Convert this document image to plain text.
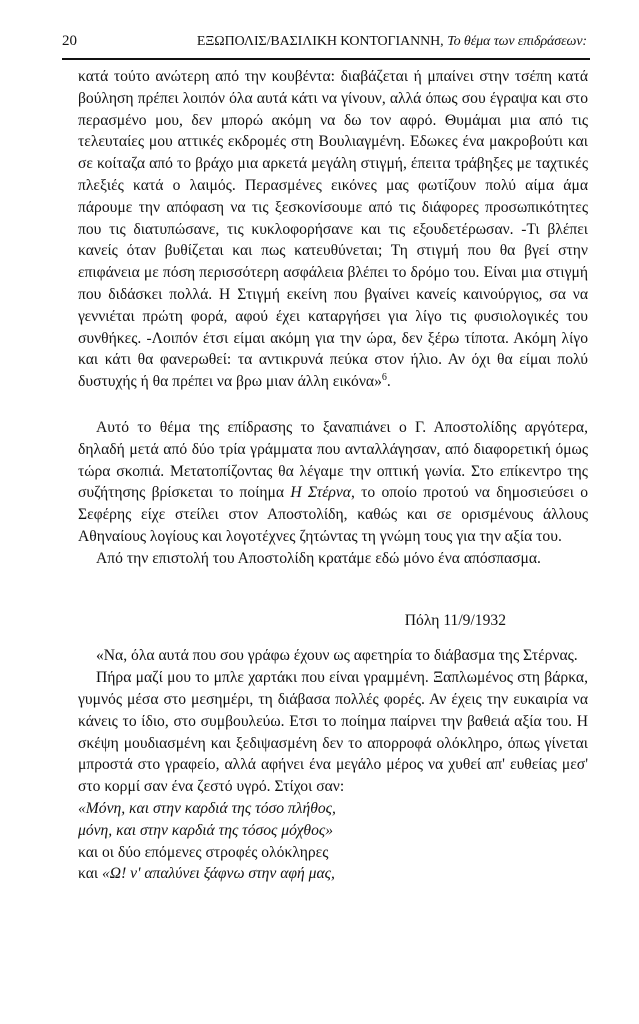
20	ΕΞΩΠΟΛΙΣ/ΒΑΣΙΛΙΚΗ ΚΟΝΤΟΓΙΑΝΝΗ, Το θέμα των επιδράσεων:

κατά τούτο ανώτερη από την κουβέντα: διαβάζεται ή μπαίνει στην τσέπη κατά βούληση πρέπει λοιπόν όλα αυτά κάτι να γίνουν, αλλά όπως σου έγραψα και στο περασμένο μου, δεν μπορώ ακόμη να δω τον αφρό. Θυμάμαι μια από τις τελευταίες μου αττικές εκδρομές στη Βουλιαγμένη. Εδωκες ένα μακροβούτι και σε κοίταζα από το βράχο μια αρκετά μεγάλη στιγμή, έπειτα τράβηξες με ταχτικές πλεξιές κατά ο λαιμός. Περασμένες εικόνες μας φωτίζουν πολύ αίμα άμα πάρουμε την απόφαση να τις ξεσκονίσουμε από τις διάφορες προσωπικότητες που τις διατυπώσανε, τις κυκλοφορήσανε και τις εξουδετέρωσαν. -Τι βλέπει κανείς όταν βυθίζεται και πως κατευθύνεται; Τη στιγμή που θα βγεί στην επιφάνεια με πόση περισσότερη ασφάλεια βλέπει το δρόμο του. Είναι μια στιγμή που διδάσκει πολλά. Η Στιγμή εκείνη που βγαίνει κανείς καινούργιος, σα να γεννιέται πρώτη φορά, αφού έχει καταργήσει για λίγο τις φυσιολογικές του συνθήκες. -Λοιπόν έτσι είμαι ακόμη για την ώρα, δεν ξέρω τίποτα. Ακόμη λίγο και κάτι θα φανερωθεί: τα αντικρυνά πεύκα στον ήλιο. Αν όχι θα είμαι πολύ δυστυχής ή θα πρέπει να βρω μιαν άλλη εικόνα»$^6$.

Αυτό το θέμα της επίδρασης το ξαναπιάνει ο Γ. Αποστολίδης αργότερα, δηλαδή μετά από δύο τρία γράμματα που ανταλλάγησαν, από διαφορετική όμως τώρα σκοπιά. Μετατοπίζοντας θα λέγαμε την οπτική γωνία. Στο επίκεντρο της συζήτησης βρίσκεται το ποίημα Η Στέρνα, το οποίο προτού να δημοσιεύσει ο Σεφέρης είχε στείλει στον Αποστολίδη, καθώς και σε ορισμένους άλλους Αθηναίους λογίους και λογοτέχνες ζητώντας τη γνώμη τους για την αξία του.

Από την επιστολή του Αποστολίδη κρατάμε εδώ μόνο ένα απόσπασμα.

Πόλη 11/9/1932

«Να, όλα αυτά που σου γράφω έχουν ως αφετηρία το διάβασμα της Στέρνας.

Πήρα μαζί μου το μπλε χαρτάκι που είναι γραμμένη. Ξαπλωμένος στη βάρκα, γυμνός μέσα στο μεσημέρι, τη διάβασα πολλές φορές. Αν έχεις την ευκαιρία να κάνεις το ίδιο, στο συμβουλεύω. Ετσι το ποίημα παίρνει την βαθειά αξία του. Η σκέψη μουδιασμένη και ξεδιψασμένη δεν το απορροφά ολόκληρο, όπως γίνεται μπροστά στο γραφείο, αλλά αφήνει ένα μεγάλο μέρος να χυθεί απ' ευθείας μεσ' στο κορμί σαν ένα ζεστό υγρό. Στίχοι σαν:

«Μόνη, και στην καρδιά της τόσο πλήθος,

μόνη, και στην καρδιά της τόσος μόχθος»

και οι δύο επόμενες στροφές ολόκληρες

και «Ω! ν' απαλύνει ξάφνω στην αφή μας,
